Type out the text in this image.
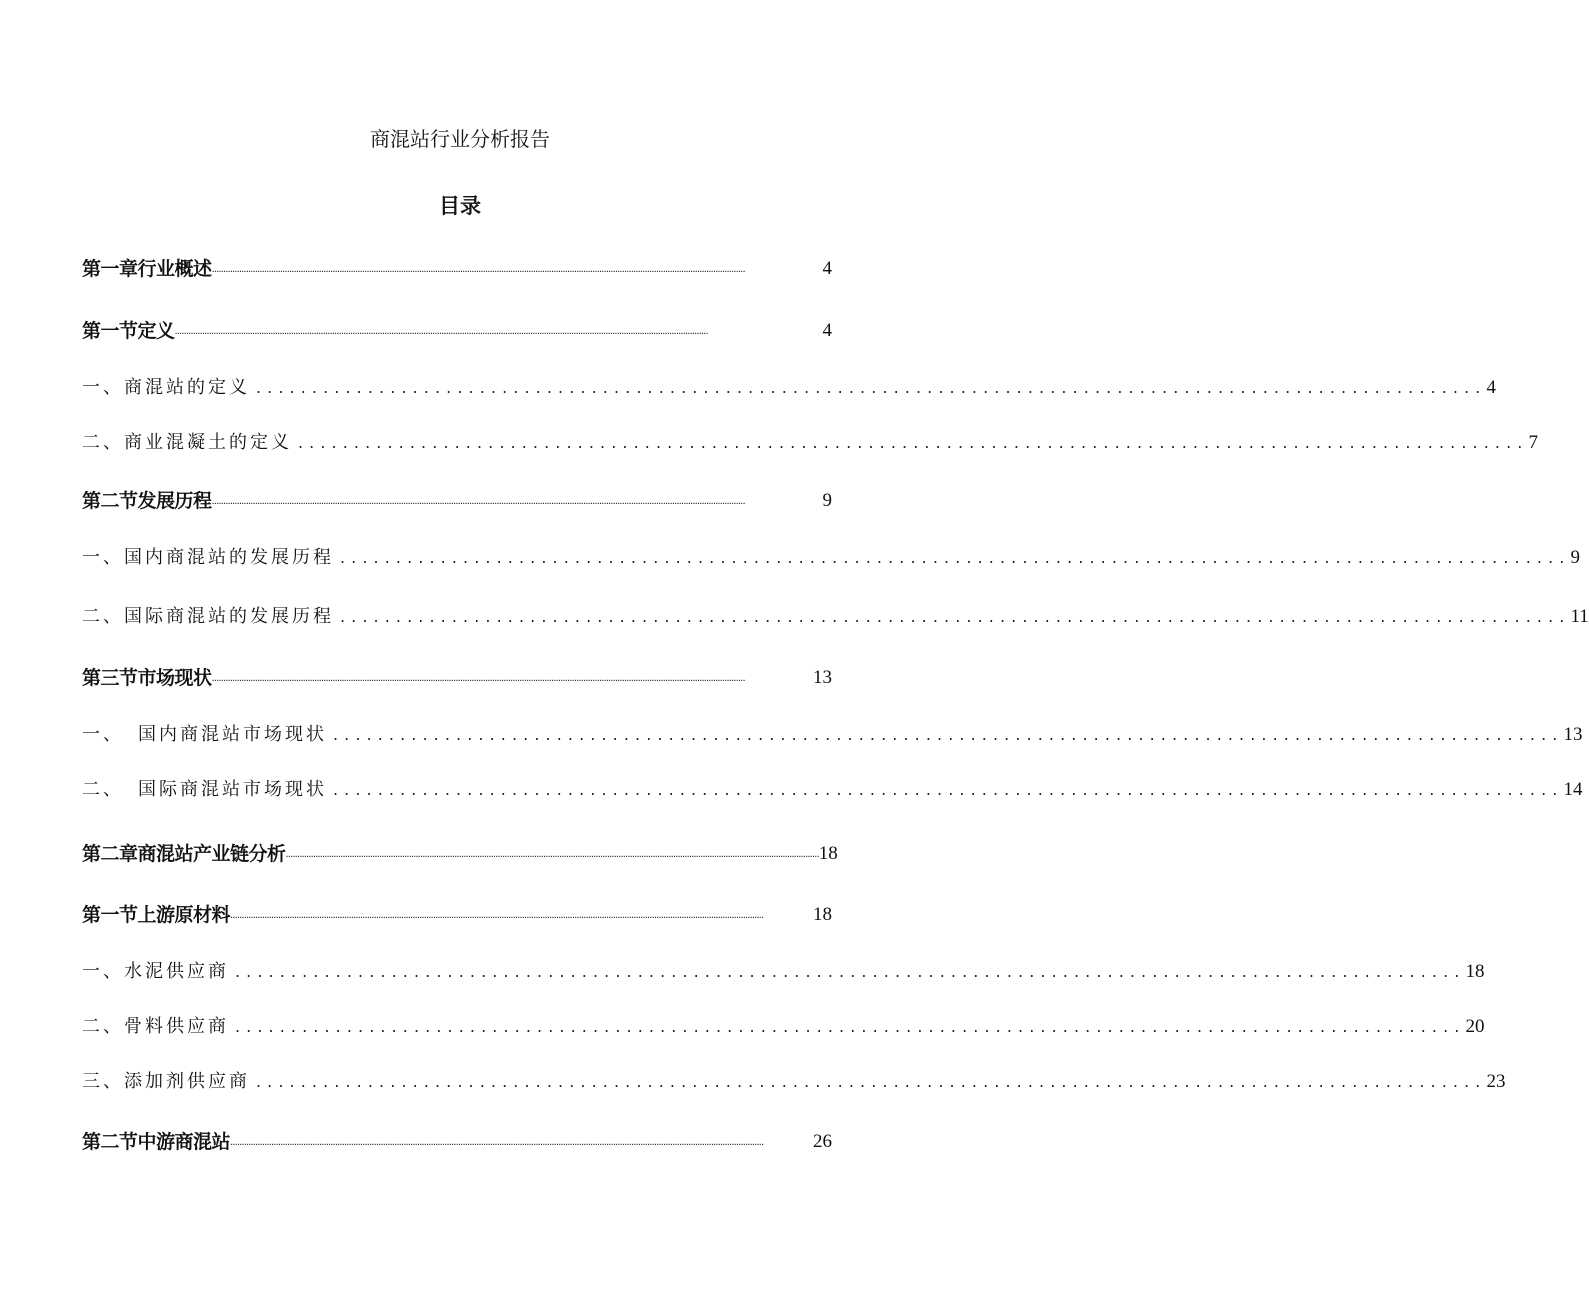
商混站行业分析报告
目录
第一章行业概述 ..........................................................................................................................................................................................................................................	4
第一节定义 ..........................................................................................................................................................................................................................................	4
一、商混站的定义 .............................................................................................................. 4
二、商业混凝土的定义 .............................................................................................................. 7
第二节发展历程 ..........................................................................................................................................................................................................................................	9
一、国内商混站的发展历程 .............................................................................................................. 9
二、国际商混站的发展历程 .............................................................................................................. 11
第三节市场现状 ..........................................................................................................................................................................................................................................	13
一、 国内商混站市场现状 .............................................................................................................. 13
二、 国际商混站市场现状 .............................................................................................................. 14
第二章商混站产业链分析 .......................................................................................................................................................................................................................................... 18
第一节上游原材料 ..........................................................................................................................................................................................................................................	18
一、水泥供应商 .............................................................................................................. 18
二、骨料供应商 .............................................................................................................. 20
三、添加剂供应商 .............................................................................................................. 23
第二节中游商混站 ..........................................................................................................................................................................................................................................	26
